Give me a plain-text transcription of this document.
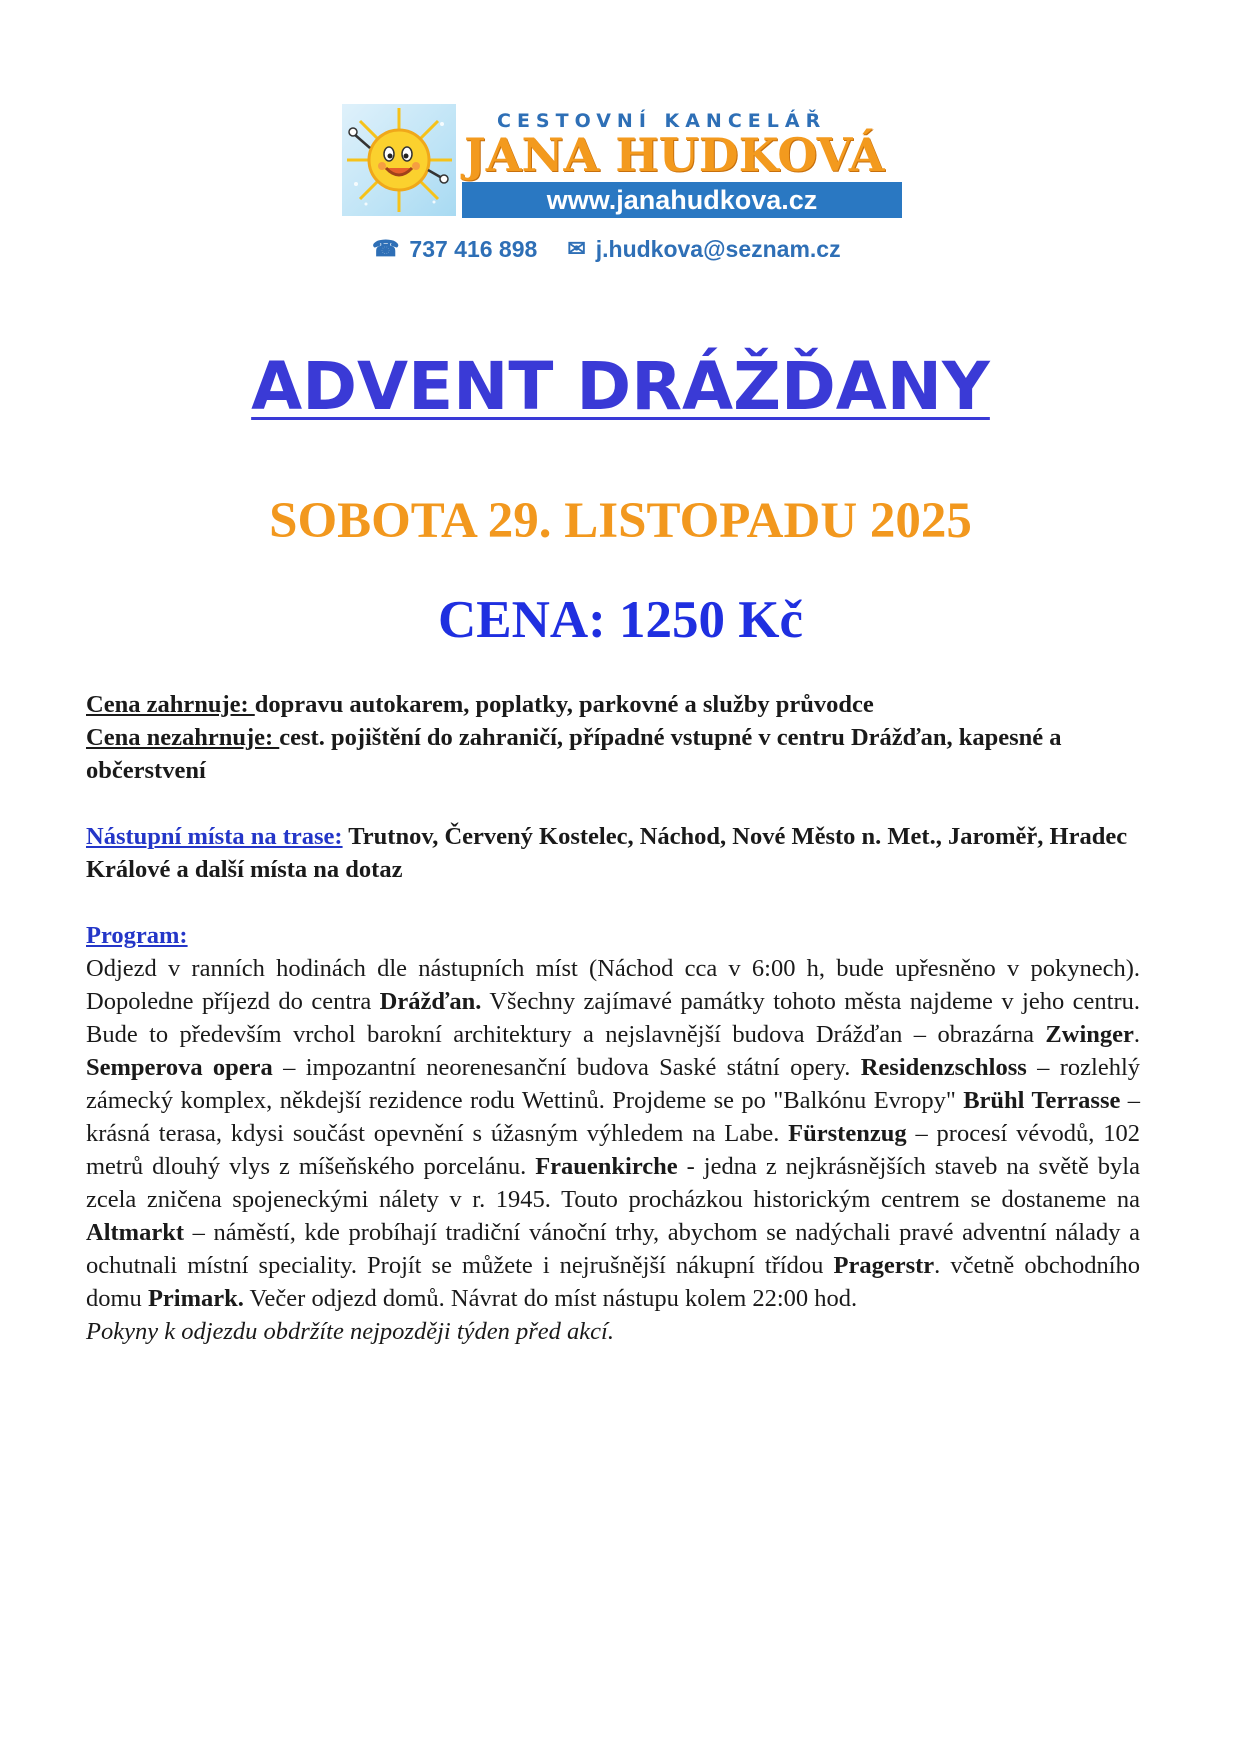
CESTOVNÍ KANCELÁŘ
JANA HUDKOVÁ
www.janahudkova.cz
☎ 737 416 898 ✉ j.hudkova@seznam.cz
ADVENT DRÁŽĎANY
SOBOTA 29. LISTOPADU 2025
CENA: 1250 Kč

Cena zahrnuje: dopravu autokarem, poplatky, parkovné a služby průvodce

Cena nezahrnuje: cest. pojištění do zahraničí, případné vstupné v centru Drážďan, kapesné a občerstvení

Nástupní místa na trase: Trutnov, Červený Kostelec, Náchod, Nové Město n. Met., Jaroměř, Hradec Králové a další místa na dotaz

Program:

Odjezd v ranních hodinách dle nástupních míst (Náchod cca v 6:00 h, bude upřesněno v pokynech). Dopoledne příjezd do centra Drážďan. Všechny zajímavé památky tohoto města najdeme v jeho centru. Bude to především vrchol barokní architektury a nejslavnější budova Drážďan – obrazárna Zwinger. Semperova opera – impozantní neorenesanční budova Saské státní opery. Residenzschloss – rozlehlý zámecký komplex, někdejší rezidence rodu Wettinů. Projdeme se po "Balkónu Evropy" Brühl Terrasse – krásná terasa, kdysi součást opevnění s úžasným výhledem na Labe. Fürstenzug – procesí vévodů, 102 metrů dlouhý vlys z míšeňského porcelánu. Frauenkirche - jedna z nejkrásnějších staveb na světě byla zcela zničena spojeneckými nálety v r. 1945. Touto procházkou historickým centrem se dostaneme na Altmarkt – náměstí, kde probíhají tradiční vánoční trhy, abychom se nadýchali pravé adventní nálady a ochutnali místní speciality. Projít se můžete i nejrušnější nákupní třídou Pragerstr. včetně obchodního domu Primark. Večer odjezd domů. Návrat do míst nástupu kolem 22:00 hod.

Pokyny k odjezdu obdržíte nejpozději týden před akcí.
